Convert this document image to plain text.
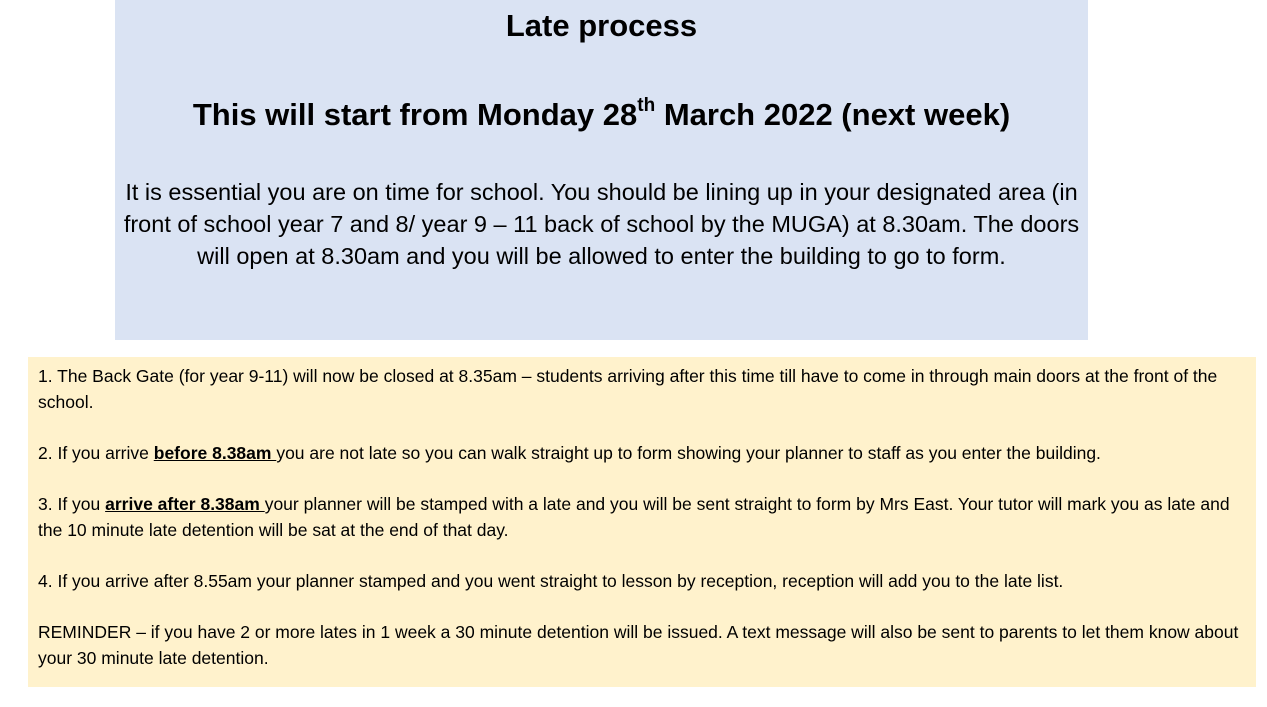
Late process
This will start from Monday 28th March 2022 (next week)

It is essential you are on time for school. You should be lining up in your designated area (in front of school year 7 and 8/ year 9 – 11 back of school by the MUGA) at 8.30am. The doors will open at 8.30am and you will be allowed to enter the building to go to form.

1. The Back Gate (for year 9-11) will now be closed at 8.35am – students arriving after this time till have to come in through main doors at the front of the school.

2. If you arrive before 8.38am you are not late so you can walk straight up to form showing your planner to staff as you enter the building.

3. If you arrive after 8.38am your planner will be stamped with a late and you will be sent straight to form by Mrs East. Your tutor will mark you as late and the 10 minute late detention will be sat at the end of that day.

4. If you arrive after 8.55am your planner stamped and you went straight to lesson by reception, reception will add you to the late list.

REMINDER – if you have 2 or more lates in 1 week a 30 minute detention will be issued. A text message will also be sent to parents to let them know about your 30 minute late detention.
